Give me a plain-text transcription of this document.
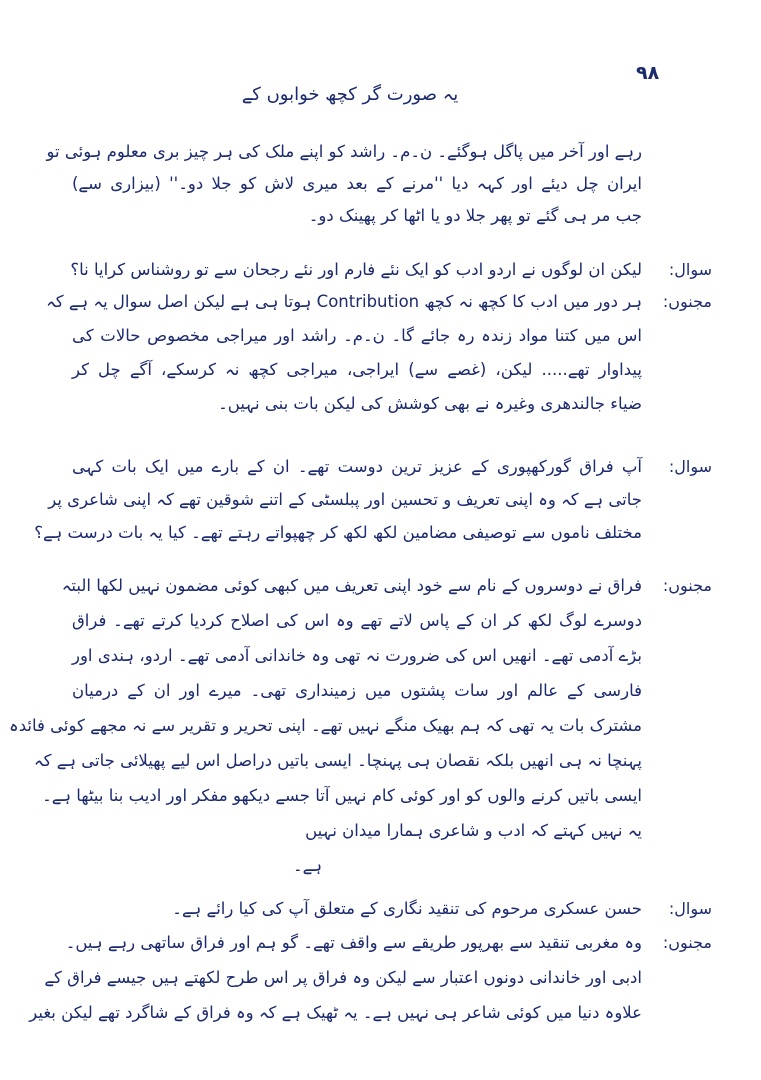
۹۸
یہ صورت گر کچھ خوابوں کے
رہے اور آخر میں پاگل ہوگئے۔ ن۔م۔ راشد کو اپنے ملک کی ہر چیز بری معلوم ہوئی تو
ایران چل دیئے اور کہہ دیا ''مرنے کے بعد میری لاش کو جلا دو۔'' (بیزاری سے)
جب مر ہی گئے تو پھر جلا دو یا اٹھا کر پھینک دو۔
سوال:
لیکن ان لوگوں نے اردو ادب کو ایک نئے فارم اور نئے رجحان سے تو روشناس کرایا نا؟
مجنوں:
ہر دور میں ادب کا کچھ نہ کچھ Contribution ہوتا ہی ہے لیکن اصل سوال یہ ہے کہ
اس میں کتنا مواد زندہ رہ جائے گا۔ ن۔م۔ راشد اور میراجی مخصوص حالات کی
پیداوار تھے..... لیکن، (غصے سے) ایراجی، میراجی کچھ نہ کرسکے، آگے چل کر
ضیاء جالندھری وغیرہ نے بھی کوشش کی لیکن بات بنی نہیں۔
سوال:
آپ فراق گورکھپوری کے عزیز ترین دوست تھے۔ ان کے بارے میں ایک بات کہی
جاتی ہے کہ وہ اپنی تعریف و تحسین اور پبلسٹی کے اتنے شوقین تھے کہ اپنی شاعری پر
مختلف ناموں سے توصیفی مضامین لکھ لکھ کر چھپواتے رہتے تھے۔ کیا یہ بات درست ہے؟
مجنوں:
فراق نے دوسروں کے نام سے خود اپنی تعریف میں کبھی کوئی مضمون نہیں لکھا البتہ
دوسرے لوگ لکھ کر ان کے پاس لاتے تھے وہ اس کی اصلاح کردیا کرتے تھے۔ فراق
بڑے آدمی تھے۔ انھیں اس کی ضرورت نہ تھی وہ خاندانی آدمی تھے۔ اردو، ہندی اور
فارسی کے عالم اور سات پشتوں میں زمینداری تھی۔ میرے اور ان کے درمیان
مشترک بات یہ تھی کہ ہم بھیک منگے نہیں تھے۔ اپنی تحریر و تقریر سے نہ مجھے کوئی فائدہ
پہنچا نہ ہی انھیں بلکہ نقصان ہی پہنچا۔ ایسی باتیں دراصل اس لیے پھیلائی جاتی ہے کہ
ایسی باتیں کرنے والوں کو اور کوئی کام نہیں آتا جسے دیکھو مفکر اور ادیب بنا بیٹھا ہے۔
یہ نہیں کہتے کہ ادب و شاعری ہمارا میدان نہیں
ہے۔
سوال:
حسن عسکری مرحوم کی تنقید نگاری کے متعلق آپ کی کیا رائے ہے۔
مجنوں:
وہ مغربی تنقید سے بھرپور طریقے سے واقف تھے۔ گو ہم اور فراق ساتھی رہے ہیں۔
ادبی اور خاندانی دونوں اعتبار سے لیکن وہ فراق پر اس طرح لکھتے ہیں جیسے فراق کے
علاوہ دنیا میں کوئی شاعر ہی نہیں ہے۔ یہ ٹھیک ہے کہ وہ فراق کے شاگرد تھے لیکن بغیر
